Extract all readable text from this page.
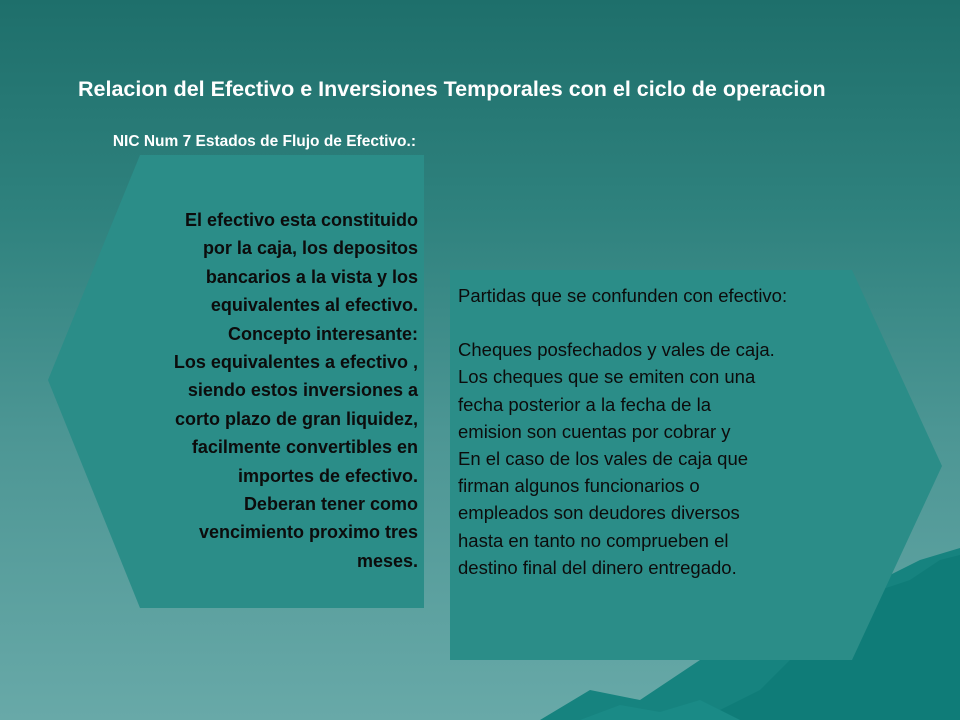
Relacion del Efectivo e Inversiones Temporales con el ciclo de operacion
NIC Num 7 Estados de Flujo de Efectivo.:
El efectivo esta constituido
por la caja, los depositos
bancarios a la vista y los
equivalentes al efectivo.
Concepto interesante:
Los equivalentes a efectivo ,
siendo estos inversiones a
corto plazo de gran liquidez,
facilmente convertibles en
importes de efectivo.
Deberan tener como
vencimiento proximo tres
meses.

Partidas que se confunden con efectivo:

Cheques posfechados y vales de caja.
Los cheques que se emiten con una
fecha posterior a la fecha de la
emision son cuentas por cobrar y
En el caso de los vales de caja que
firman algunos funcionarios o
empleados son deudores diversos
hasta en tanto no comprueben el
destino final del dinero entregado.
